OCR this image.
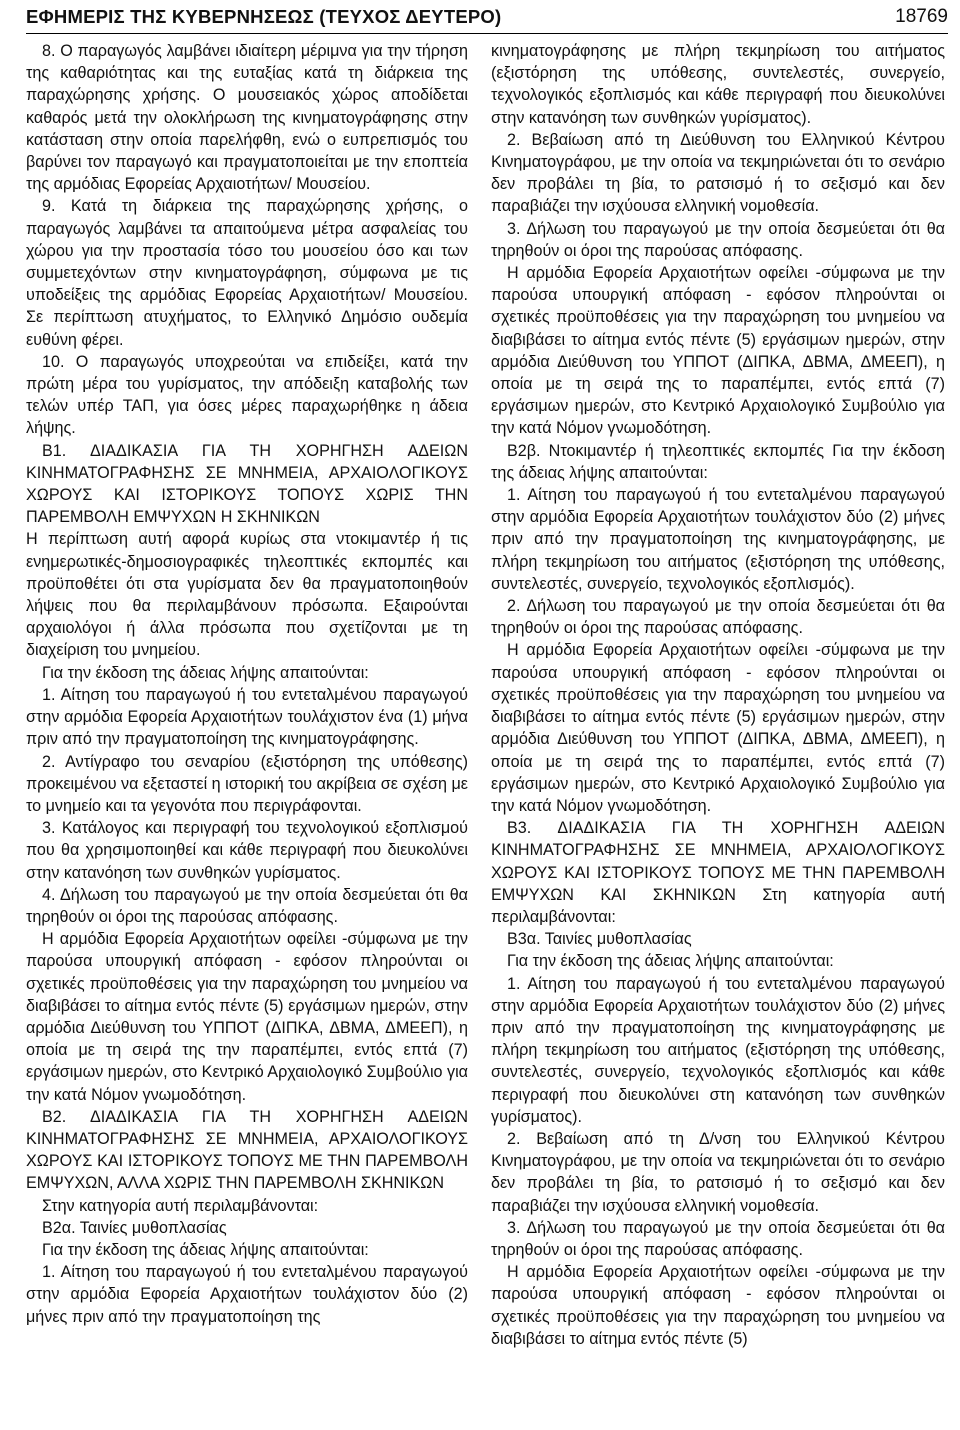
ΕΦΗΜΕΡΙΣ ΤΗΣ ΚΥΒΕΡΝΗΣΕΩΣ (ΤΕΥΧΟΣ ΔΕΥΤΕΡΟ)	18769

8. Ο παραγωγός λαμβάνει ιδιαίτερη μέριμνα για την τήρηση της καθαριότητας και της ευταξίας κατά τη διάρκεια της παραχώρησης χρήσης. Ο μουσειακός χώρος αποδίδεται καθαρός μετά την ολοκλήρωση της κινηματογράφησης στην κατάσταση στην οποία παρελήφθη, ενώ ο ευπρεπισμός του βαρύνει τον παραγωγό και πραγματοποιείται με την εποπτεία της αρμόδιας Εφορείας Αρχαιοτήτων/ Μουσείου.

9. Κατά τη διάρκεια της παραχώρησης χρήσης, ο παραγωγός λαμβάνει τα απαιτούμενα μέτρα ασφαλείας του χώρου για την προστασία τόσο του μουσείου όσο και των συμμετεχόντων στην κινηματογράφηση, σύμφωνα με τις υποδείξεις της αρμόδιας Εφορείας Αρχαιοτήτων/ Μουσείου. Σε περίπτωση ατυχήματος, το Ελληνικό Δημόσιο ουδεμία ευθύνη φέρει.

10. Ο παραγωγός υποχρεούται να επιδείξει, κατά την πρώτη μέρα του γυρίσματος, την απόδειξη καταβολής των τελών υπέρ ΤΑΠ, για όσες μέρες παραχωρήθηκε η άδεια λήψης.

Β1. ΔΙΑΔΙΚΑΣΙΑ ΓΙΑ ΤΗ ΧΟΡΗΓΗΣΗ ΑΔΕΙΩΝ ΚΙΝΗΜΑΤΟΓΡΑΦΗΣΗΣ ΣΕ ΜΝΗΜΕΙΑ, ΑΡΧΑΙΟΛΟΓΙΚΟΥΣ ΧΩΡΟΥΣ ΚΑΙ ΙΣΤΟΡΙΚΟΥΣ ΤΟΠΟΥΣ ΧΩΡΙΣ ΤΗΝ ΠΑΡΕΜΒΟΛΗ ΕΜΨΥΧΩΝ Η ΣΚΗΝΙΚΩΝ

Η περίπτωση αυτή αφορά κυρίως στα ντοκιμαντέρ ή τις ενημερωτικές-δημοσιογραφικές τηλεοπτικές εκπομπές και προϋποθέτει ότι στα γυρίσματα δεν θα πραγματοποιηθούν λήψεις που θα περιλαμβάνουν πρόσωπα. Εξαιρούνται αρχαιολόγοι ή άλλα πρόσωπα που σχετίζονται με τη διαχείριση του μνημείου.

Για την έκδοση της άδειας λήψης απαιτούνται:

1. Αίτηση του παραγωγού ή του εντεταλμένου παραγωγού στην αρμόδια Εφορεία Αρχαιοτήτων τουλάχιστον ένα (1) μήνα πριν από την πραγματοποίηση της κινηματογράφησης.

2. Αντίγραφο του σεναρίου (εξιστόρηση της υπόθεσης) προκειμένου να εξεταστεί η ιστορική του ακρίβεια σε σχέση με το μνημείο και τα γεγονότα που περιγράφονται.

3. Κατάλογος και περιγραφή του τεχνολογικού εξοπλισμού που θα χρησιμοποιηθεί και κάθε περιγραφή που διευκολύνει στην κατανόηση των συνθηκών γυρίσματος.

4. Δήλωση του παραγωγού με την οποία δεσμεύεται ότι θα τηρηθούν οι όροι της παρούσας απόφασης.

Η αρμόδια Εφορεία Αρχαιοτήτων οφείλει -σύμφωνα με την παρούσα υπουργική απόφαση - εφόσον πληρούνται οι σχετικές προϋποθέσεις για την παραχώρηση του μνημείου να διαβιβάσει το αίτημα εντός πέντε (5) εργάσιμων ημερών, στην αρμόδια Διεύθυνση του ΥΠΠΟΤ (ΔΙΠΚΑ, ΔΒΜΑ, ΔΜΕΕΠ), η οποία με τη σειρά της την παραπέμπει, εντός επτά (7) εργάσιμων ημερών, στο Κεντρικό Αρχαιολογικό Συμβούλιο για την κατά Νόμον γνωμοδότηση.

Β2. ΔΙΑΔΙΚΑΣΙΑ ΓΙΑ ΤΗ ΧΟΡΗΓΗΣΗ ΑΔΕΙΩΝ ΚΙΝΗΜΑΤΟΓΡΑΦΗΣΗΣ ΣΕ ΜΝΗΜΕΙΑ, ΑΡΧΑΙΟΛΟΓΙΚΟΥΣ ΧΩΡΟΥΣ ΚΑΙ ΙΣΤΟΡΙΚΟΥΣ ΤΟΠΟΥΣ ΜΕ ΤΗΝ ΠΑΡΕΜΒΟΛΗ ΕΜΨΥΧΩΝ, ΑΛΛΑ ΧΩΡΙΣ ΤΗΝ ΠΑΡΕΜΒΟΛΗ ΣΚΗΝΙΚΩΝ

Στην κατηγορία αυτή περιλαμβάνονται:

Β2α. Ταινίες μυθοπλασίας

Για την έκδοση της άδειας λήψης απαιτούνται:

1. Αίτηση του παραγωγού ή του εντεταλμένου παραγωγού στην αρμόδια Εφορεία Αρχαιοτήτων τουλάχιστον δύο (2) μήνες πριν από την πραγματοποίηση της

κινηματογράφησης με πλήρη τεκμηρίωση του αιτήματος (εξιστόρηση της υπόθεσης, συντελεστές, συνεργείο, τεχνολογικός εξοπλισμός και κάθε περιγραφή που διευκολύνει στην κατανόηση των συνθηκών γυρίσματος).

2. Βεβαίωση από τη Διεύθυνση του Ελληνικού Κέντρου Κινηματογράφου, με την οποία να τεκμηριώνεται ότι το σενάριο δεν προβάλει τη βία, το ρατσισμό ή το σεξισμό και δεν παραβιάζει την ισχύουσα ελληνική νομοθεσία.

3. Δήλωση του παραγωγού με την οποία δεσμεύεται ότι θα τηρηθούν οι όροι της παρούσας απόφασης.

Η αρμόδια Εφορεία Αρχαιοτήτων οφείλει -σύμφωνα με την παρούσα υπουργική απόφαση - εφόσον πληρούνται οι σχετικές προϋποθέσεις για την παραχώρηση του μνημείου να διαβιβάσει το αίτημα εντός πέντε (5) εργάσιμων ημερών, στην αρμόδια Διεύθυνση του ΥΠΠΟΤ (ΔΙΠΚΑ, ΔΒΜΑ, ΔΜΕΕΠ), η οποία με τη σειρά της το παραπέμπει, εντός επτά (7) εργάσιμων ημερών, στο Κεντρικό Αρχαιολογικό Συμβούλιο για την κατά Νόμον γνωμοδότηση.

Β2β. Ντοκιμαντέρ ή τηλεοπτικές εκπομπές Για την έκδοση της άδειας λήψης απαιτούνται:

1. Αίτηση του παραγωγού ή του εντεταλμένου παραγωγού στην αρμόδια Εφορεία Αρχαιοτήτων τουλάχιστον δύο (2) μήνες πριν από την πραγματοποίηση της κινηματογράφησης, με πλήρη τεκμηρίωση του αιτήματος (εξιστόρηση της υπόθεσης, συντελεστές, συνεργείο, τεχνολογικός εξοπλισμός).

2. Δήλωση του παραγωγού με την οποία δεσμεύεται ότι θα τηρηθούν οι όροι της παρούσας απόφασης.

Η αρμόδια Εφορεία Αρχαιοτήτων οφείλει -σύμφωνα με την παρούσα υπουργική απόφαση - εφόσον πληρούνται οι σχετικές προϋποθέσεις για την παραχώρηση του μνημείου να διαβιβάσει το αίτημα εντός πέντε (5) εργάσιμων ημερών, στην αρμόδια Διεύθυνση του ΥΠΠΟΤ (ΔΙΠΚΑ, ΔΒΜΑ, ΔΜΕΕΠ), η οποία με τη σειρά της το παραπέμπει, εντός επτά (7) εργάσιμων ημερών, στο Κεντρικό Αρχαιολογικό Συμβούλιο για την κατά Νόμον γνωμοδότηση.

Β3. ΔΙΑΔΙΚΑΣΙΑ ΓΙΑ ΤΗ ΧΟΡΗΓΗΣΗ ΑΔΕΙΩΝ ΚΙΝΗΜΑΤΟΓΡΑΦΗΣΗΣ ΣΕ ΜΝΗΜΕΙΑ, ΑΡΧΑΙΟΛΟΓΙΚΟΥΣ ΧΩΡΟΥΣ ΚΑΙ ΙΣΤΟΡΙΚΟΥΣ ΤΟΠΟΥΣ ΜΕ ΤΗΝ ΠΑΡΕΜΒΟΛΗ ΕΜΨΥΧΩΝ ΚΑΙ ΣΚΗΝΙΚΩΝ Στη κατηγορία αυτή περιλαμβάνονται:

Β3α. Ταινίες μυθοπλασίας

Για την έκδοση της άδειας λήψης απαιτούνται:

1. Αίτηση του παραγωγού ή του εντεταλμένου παραγωγού στην αρμόδια Εφορεία Αρχαιοτήτων τουλάχιστον δύο (2) μήνες πριν από την πραγματοποίηση της κινηματογράφησης με πλήρη τεκμηρίωση του αιτήματος (εξιστόρηση της υπόθεσης, συντελεστές, συνεργείο, τεχνολογικός εξοπλισμός και κάθε περιγραφή που διευκολύνει στη κατανόηση των συνθηκών γυρίσματος).

2. Βεβαίωση από τη Δ/νση του Ελληνικού Κέντρου Κινηματογράφου, με την οποία να τεκμηριώνεται ότι το σενάριο δεν προβάλει τη βία, το ρατσισμό ή το σεξισμό και δεν παραβιάζει την ισχύουσα ελληνική νομοθεσία.

3. Δήλωση του παραγωγού με την οποία δεσμεύεται ότι θα τηρηθούν οι όροι της παρούσας απόφασης.

Η αρμόδια Εφορεία Αρχαιοτήτων οφείλει -σύμφωνα με την παρούσα υπουργική απόφαση - εφόσον πληρούνται οι σχετικές προϋποθέσεις για την παραχώρηση του μνημείου να διαβιβάσει το αίτημα εντός πέντε (5)
